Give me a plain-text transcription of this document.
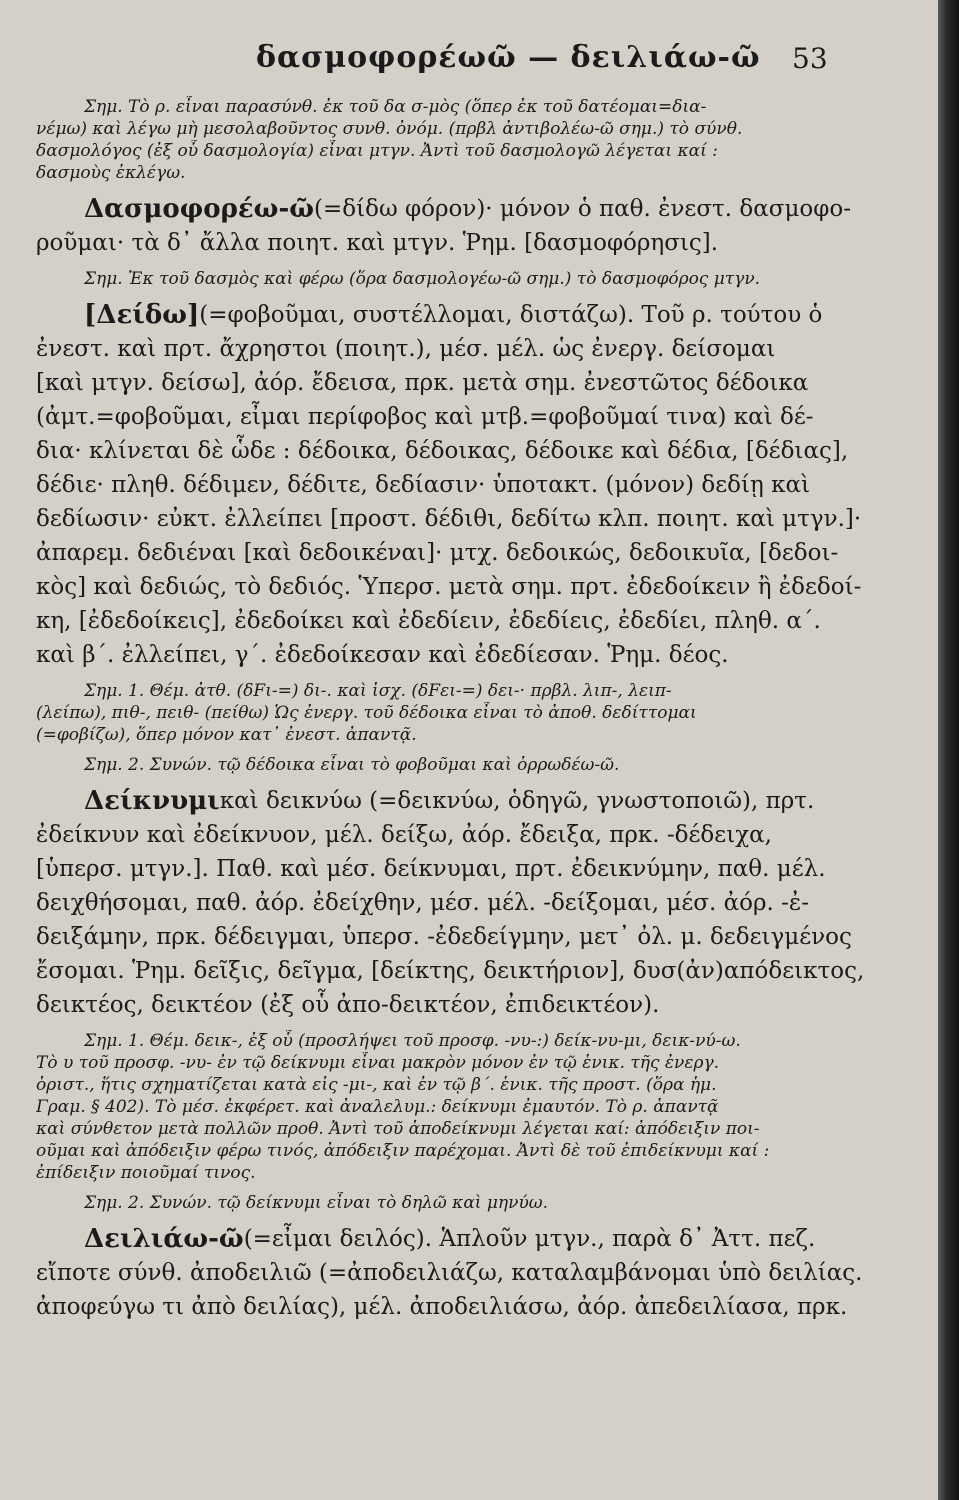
δασμοφορέωῶ — δειλιάω-ῶ 53
Σημ. Τὸ ρ. εἶναι παρασύνθ. ἐκ τοῦ δα σ-μὸς (ὅπερ ἐκ τοῦ δατέομαι=δια-
νέμω) καὶ λέγω μὴ μεσολαβοῦντος συνθ. ὀνόμ. (πρβλ ἀντιβολέω-ῶ σημ.) τὸ σύνθ.
δασμολόγος (ἐξ οὗ δασμολογία) εἶναι μτγν. Ἀντὶ τοῦ δασμολογῶ λέγεται καί :
δασμοὺς ἐκλέγω.
Δασμοφορέω-ῶ (=δίδω φόρον)· μόνον ὁ παθ. ἐνεστ. δασμοφο-
ροῦμαι· τὰ δ᾽ ἄλλα ποιητ. καὶ μτγν. Ῥημ. [δασμοφόρησις].
Σημ. Ἐκ τοῦ δασμὸς καὶ φέρω (ὅρα δασμολογέω-ῶ σημ.) τὸ δασμοφόρος μτγν.
[Δείδω] (=φοβοῦμαι, συστέλλομαι, διστάζω). Τοῦ ρ. τούτου ὁ
ἐνεστ. καὶ πρτ. ἄχρηστοι (ποιητ.), μέσ. μέλ. ὡς ἐνεργ. δείσομαι
[καὶ μτγν. δείσω], ἀόρ. ἔδεισα, πρκ. μετὰ σημ. ἐνεστῶτος δέδοικα
(ἀμτ.=φοβοῦμαι, εἶμαι περίφοβος καὶ μτβ.=φοβοῦμαί τινα) καὶ δέ-
δια· κλίνεται δὲ ὧδε : δέδοικα, δέδοικας, δέδοικε καὶ δέδια, [δέδιας],
δέδιε· πληθ. δέδιμεν, δέδιτε, δεδίασιν· ὑποτακτ. (μόνον) δεδίῃ καὶ
δεδίωσιν· εὐκτ. ἐλλείπει [προστ. δέδιθι, δεδίτω κλπ. ποιητ. καὶ μτγν.]·
ἀπαρεμ. δεδιέναι [καὶ δεδοικέναι]· μτχ. δεδοικώς, δεδοικυῖα, [δεδοι-
κὸς] καὶ δεδιώς, τὸ δεδιός. Ὑπερσ. μετὰ σημ. πρτ. ἐδεδοίκειν ἢ ἐδεδοί-
κη, [ἐδεδοίκεις], ἐδεδοίκει καὶ ἐδεδίειν, ἐδεδίεις, ἐδεδίει, πληθ. α΄.
καὶ β΄. ἐλλείπει, γ΄. ἐδεδοίκεσαν καὶ ἐδεδίεσαν. Ῥημ. δέος.
Σημ. 1. Θέμ. ἀτθ. (δFι-=) δι-. καὶ ἰσχ. (δFει-=) δει-· πρβλ. λιπ-, λειπ-
(λείπω), πιθ-, πειθ- (πείθω) Ὡς ἐνεργ. τοῦ δέδοικα εἶναι τὸ ἀποθ. δεδίττομαι
(=φοβίζω), ὅπερ μόνον κατ᾽ ἐνεστ. ἀπαντᾷ.
Σημ. 2. Συνών. τῷ δέδοικα εἶναι τὸ φοβοῦμαι καὶ ὀρρωδέω-ῶ.
Δείκνυμι καὶ δεικνύω (=δεικνύω, ὁδηγῶ, γνωστοποιῶ), πρτ.
ἐδείκνυν καὶ ἐδείκνυον, μέλ. δείξω, ἀόρ. ἔδειξα, πρκ. -δέδειχα,
[ὑπερσ. μτγν.]. Παθ. καὶ μέσ. δείκνυμαι, πρτ. ἐδεικνύμην, παθ. μέλ.
δειχθήσομαι, παθ. ἀόρ. ἐδείχθην, μέσ. μέλ. -δείξομαι, μέσ. ἀόρ. -ἐ-
δειξάμην, πρκ. δέδειγμαι, ὑπερσ. -ἐδεδείγμην, μετ᾽ ὀλ. μ. δεδειγμένος
ἔσομαι. Ῥημ. δεῖξις, δεῖγμα, [δείκτης, δεικτήριον], δυσ(ἀν)απόδεικτος,
δεικτέος, δεικτέον (ἐξ οὗ ἀπο-δεικτέον, ἐπιδεικτέον).
Σημ. 1. Θέμ. δεικ-, ἐξ οὗ (προσλήψει τοῦ προσφ. -νυ-:) δείκ-νυ-μι, δεικ-νύ-ω.
Τὸ υ τοῦ προσφ. -νυ- ἐν τῷ δείκνυμι εἶναι μακρὸν μόνον ἐν τῷ ἑνικ. τῆς ἐνεργ.
ὁριστ., ἥτις σχηματίζεται κατὰ εἰς -μι-, καὶ ἐν τῷ β΄. ἑνικ. τῆς προστ. (ὅρα ἡμ.
Γραμ. § 402). Τὸ μέσ. ἐκφέρετ. καὶ ἀναλελυμ.: δείκνυμι ἐμαυτόν. Τὸ ρ. ἀπαντᾷ
καὶ σύνθετον μετὰ πολλῶν προθ. Ἀντὶ τοῦ ἀποδείκνυμι λέγεται καί: ἀπόδειξιν ποι-
οῦμαι καὶ ἀπόδειξιν φέρω τινός, ἀπόδειξιν παρέχομαι. Ἀντὶ δὲ τοῦ ἐπιδείκνυμι καί :
ἐπίδειξιν ποιοῦμαί τινος.
Σημ. 2. Συνών. τῷ δείκνυμι εἶναι τὸ δηλῶ καὶ μηνύω.
Δειλιάω-ῶ (=εἶμαι δειλός). Ἁπλοῦν μτγν., παρὰ δ᾽ Ἀττ. πεζ.
εἴποτε σύνθ. ἀποδειλιῶ (=ἀποδειλιάζω, καταλαμβάνομαι ὑπὸ δειλίας.
ἀποφεύγω τι ἀπὸ δειλίας), μέλ. ἀποδειλιάσω, ἀόρ. ἀπεδειλίασα, πρκ.
